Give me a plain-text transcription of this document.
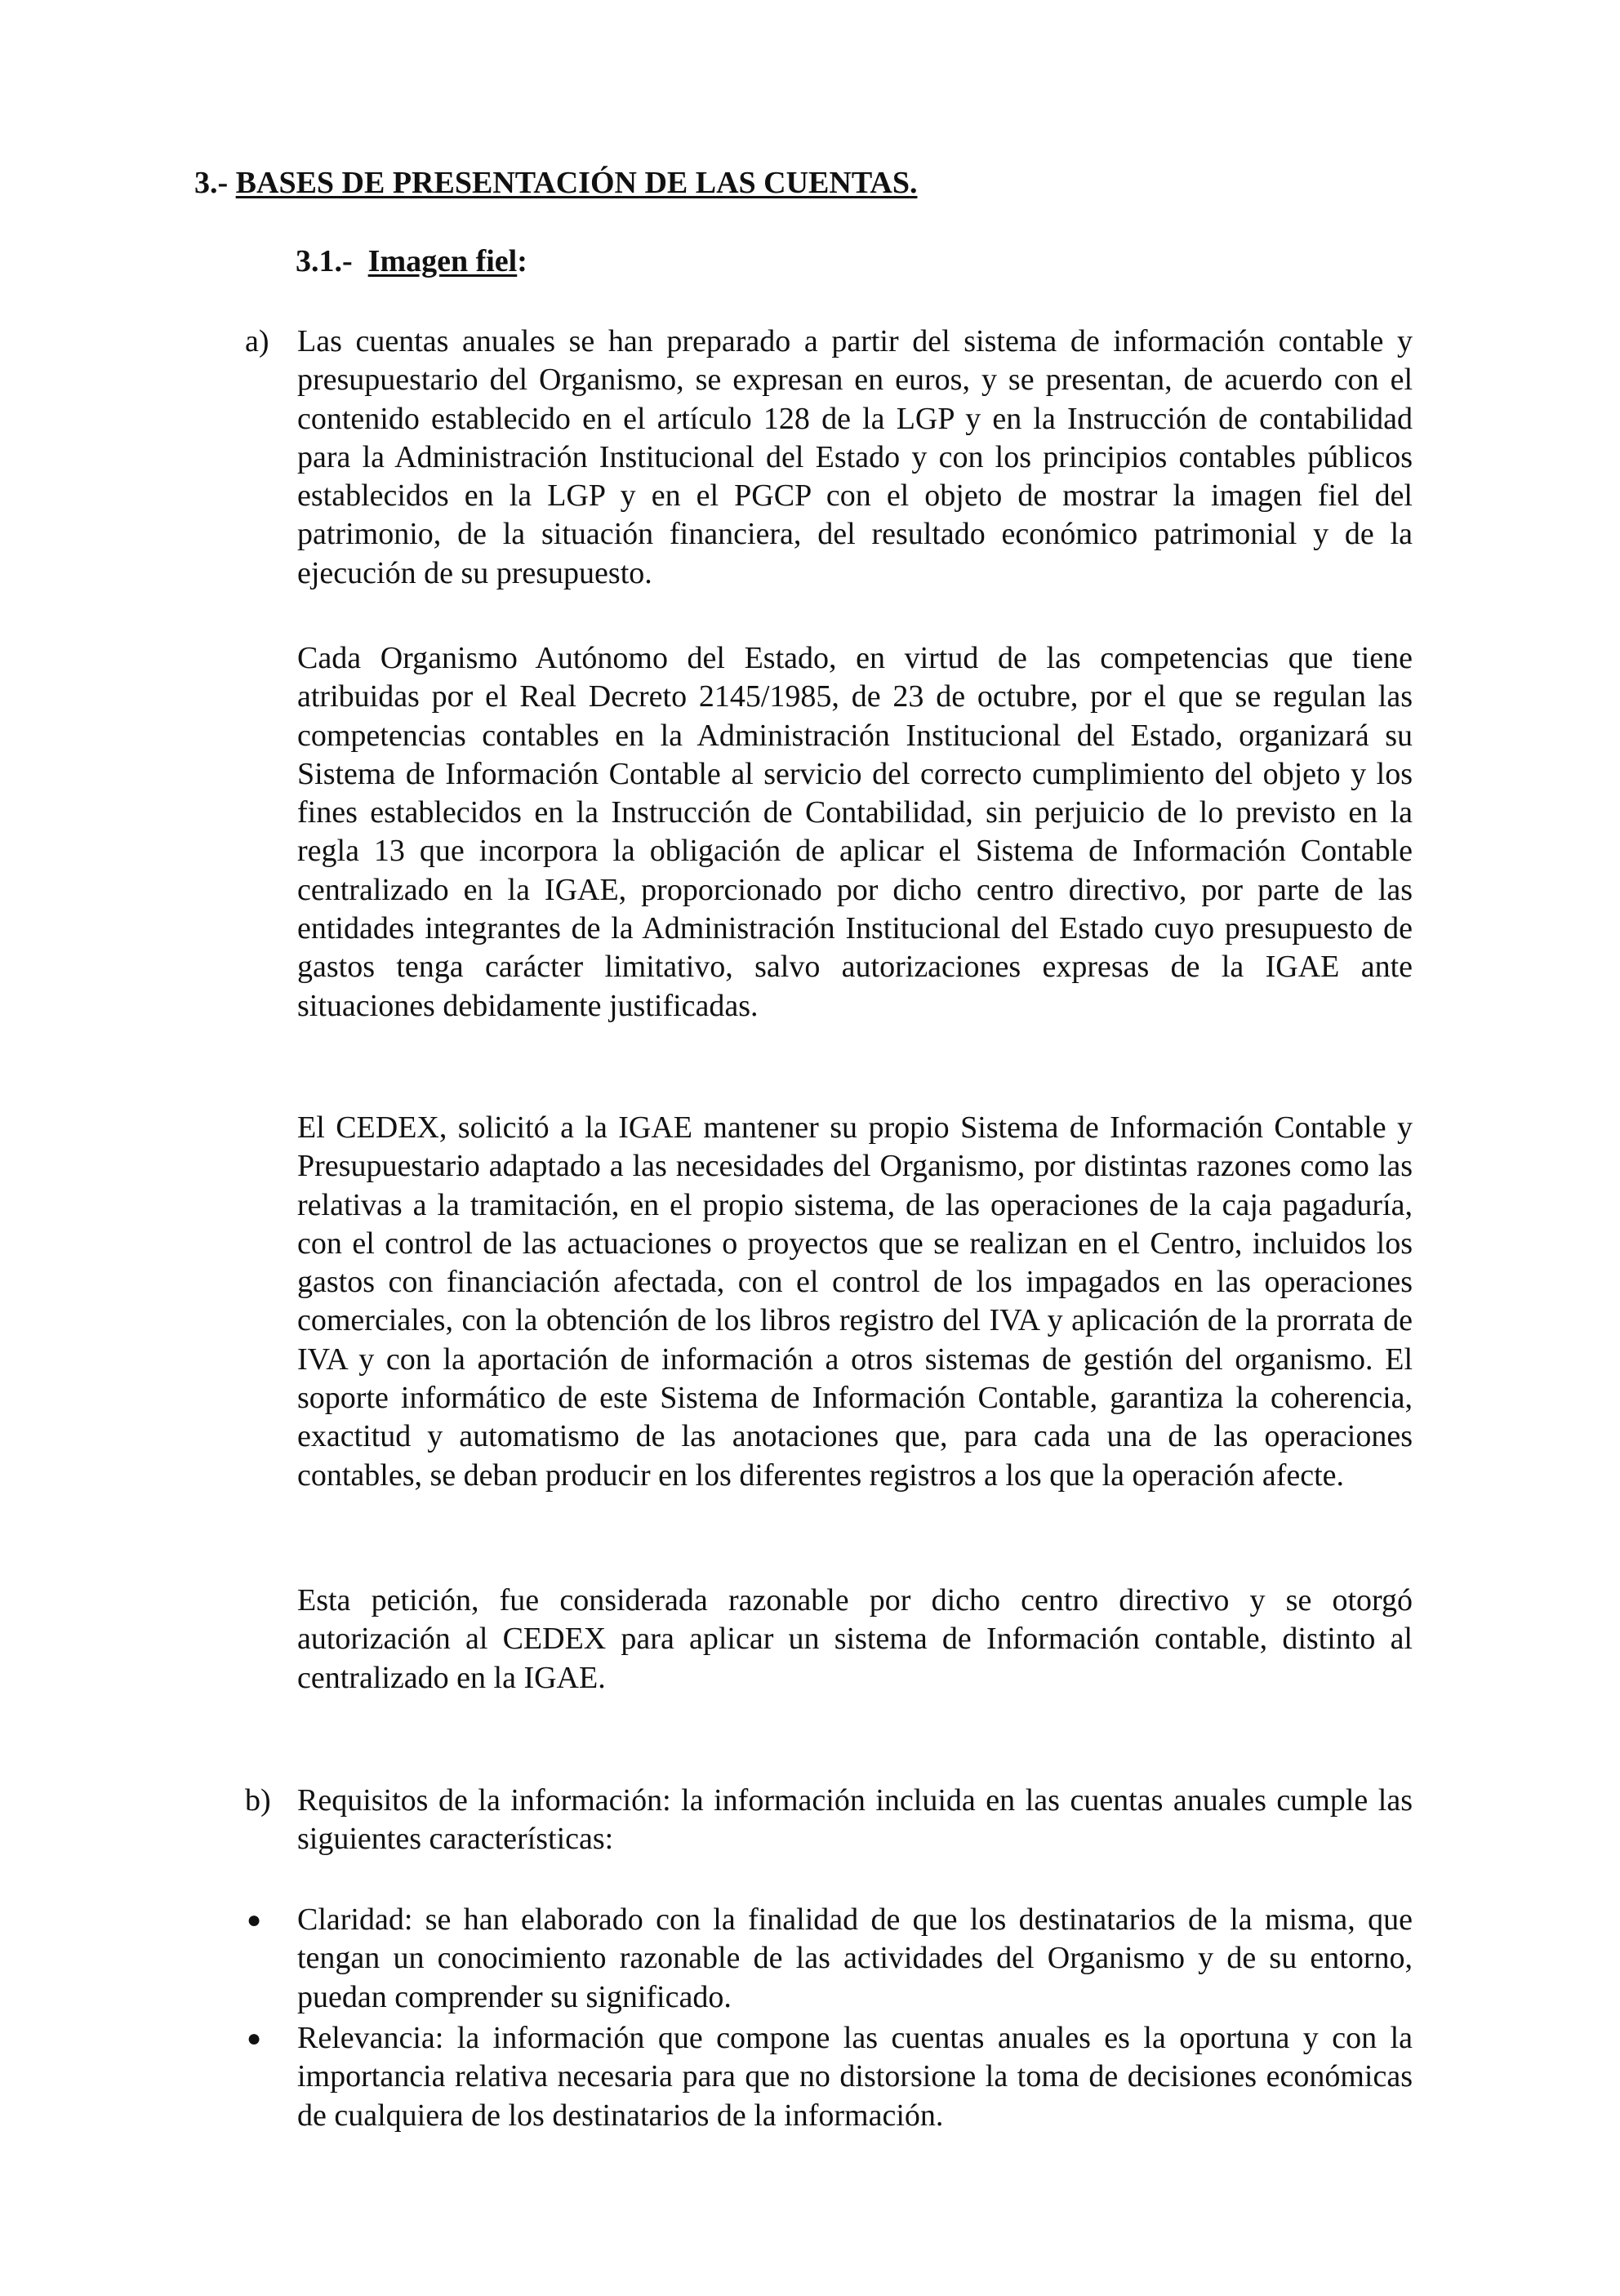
3.- BASES DE PRESENTACIÓN DE LAS CUENTAS.
3.1.- Imagen fiel:
a) Las cuentas anuales se han preparado a partir del sistema de información contable y presupuestario del Organismo, se expresan en euros, y se presentan, de acuerdo con el contenido establecido en el artículo 128 de la LGP y en la Instrucción de contabilidad para la Administración Institucional del Estado y con los principios contables públicos establecidos en la LGP y en el PGCP con el objeto de mostrar la imagen fiel del patrimonio, de la situación financiera, del resultado económico patrimonial y de la ejecución de su presupuesto.

Cada Organismo Autónomo del Estado, en virtud de las competencias que tiene atribuidas por el Real Decreto 2145/1985, de 23 de octubre, por el que se regulan las competencias contables en la Administración Institucional del Estado, organizará su Sistema de Información Contable al servicio del correcto cumplimiento del objeto y los fines establecidos en la Instrucción de Contabilidad, sin perjuicio de lo previsto en la regla 13 que incorpora la obligación de aplicar el Sistema de Información Contable centralizado en la IGAE, proporcionado por dicho centro directivo, por parte de las entidades integrantes de la Administración Institucional del Estado cuyo presupuesto de gastos tenga carácter limitativo, salvo autorizaciones expresas de la IGAE ante situaciones debidamente justificadas.

El CEDEX, solicitó a la IGAE mantener su propio Sistema de Información Contable y Presupuestario adaptado a las necesidades del Organismo, por distintas razones como las relativas a la tramitación, en el propio sistema, de las operaciones de la caja pagaduría, con el control de las actuaciones o proyectos que se realizan en el Centro, incluidos los gastos con financiación afectada, con el control de los impagados en las operaciones comerciales, con la obtención de los libros registro del IVA y aplicación de la prorrata de IVA y con la aportación de información a otros sistemas de gestión del organismo. El soporte informático de este Sistema de Información Contable, garantiza la coherencia, exactitud y automatismo de las anotaciones que, para cada una de las operaciones contables, se deban producir en los diferentes registros a los que la operación afecte.

Esta petición, fue considerada razonable por dicho centro directivo y se otorgó autorización al CEDEX para aplicar un sistema de Información contable, distinto al centralizado en la IGAE.

b) Requisitos de la información: la información incluida en las cuentas anuales cumple las siguientes características:

● Claridad: se han elaborado con la finalidad de que los destinatarios de la misma, que tengan un conocimiento razonable de las actividades del Organismo y de su entorno, puedan comprender su significado.

● Relevancia: la información que compone las cuentas anuales es la oportuna y con la importancia relativa necesaria para que no distorsione la toma de decisiones económicas de cualquiera de los destinatarios de la información.
